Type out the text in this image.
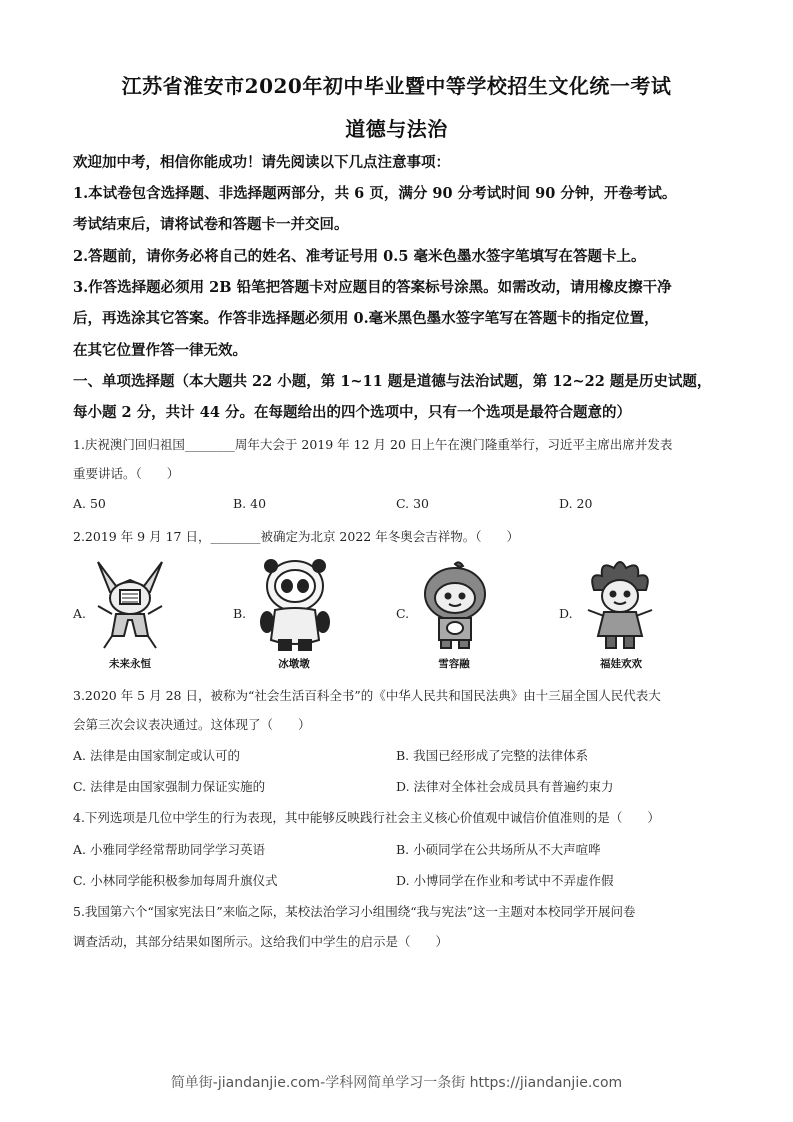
江苏省淮安市2020年初中毕业暨中等学校招生文化统一考试
道德与法治
欢迎加中考，相信你能成功！请先阅读以下几点注意事项：
1.本试卷包含选择题、非选择题两部分，共 6 页，满分 90 分考试时间 90 分钟，开卷考试。
考试结束后，请将试卷和答题卡一并交回。
2.答题前，请你务必将自己的姓名、准考证号用 0.5 毫米色墨水签字笔填写在答题卡上。
3.作答选择题必须用 2B 铅笔把答题卡对应题目的答案标号涂黑。如需改动，请用橡皮擦干净
后，再选涂其它答案。作答非选择题必须用 0.毫米黑色墨水签字笔写在答题卡的指定位置，
在其它位置作答一律无效。
一、单项选择题（本大题共 22 小题，第 1~11 题是道德与法治试题，第 12~22 题是历史试题，
每小题 2 分，共计 44 分。在每题给出的四个选项中，只有一个选项是最符合题意的）
1.庆祝澳门回归祖国________周年大会于 2019 年 12 月 20 日上午在澳门隆重举行，习近平主席出席并发表
重要讲话。（　　）
A. 50	B. 40	C. 30	D. 20
2.2019 年 9 月 17 日，________被确定为北京 2022 年冬奥会吉祥物。（　　）
A.	B.	C.	D.
未来永恒	冰墩墩	雪容融	福娃欢欢
3.2020 年 5 月 28 日，被称为“社会生活百科全书”的《中华人民共和国民法典》由十三届全国人民代表大
会第三次会议表决通过。这体现了（　　）
A. 法律是由国家制定或认可的	B. 我国已经形成了完整的法律体系
C. 法律是由国家强制力保证实施的	D. 法律对全体社会成员具有普遍约束力
4.下列选项是几位中学生的行为表现，其中能够反映践行社会主义核心价值观中诚信价值准则的是（　　）
A. 小雅同学经常帮助同学学习英语	B. 小硕同学在公共场所从不大声喧哗
C. 小林同学能积极参加每周升旗仪式	D. 小博同学在作业和考试中不弄虚作假
5.我国第六个“国家宪法日”来临之际，某校法治学习小组围绕“我与宪法”这一主题对本校同学开展问卷
调查活动，其部分结果如图所示。这给我们中学生的启示是（　　）
简单街-jiandanjie.com-学科网简单学习一条街 https://jiandanjie.com
